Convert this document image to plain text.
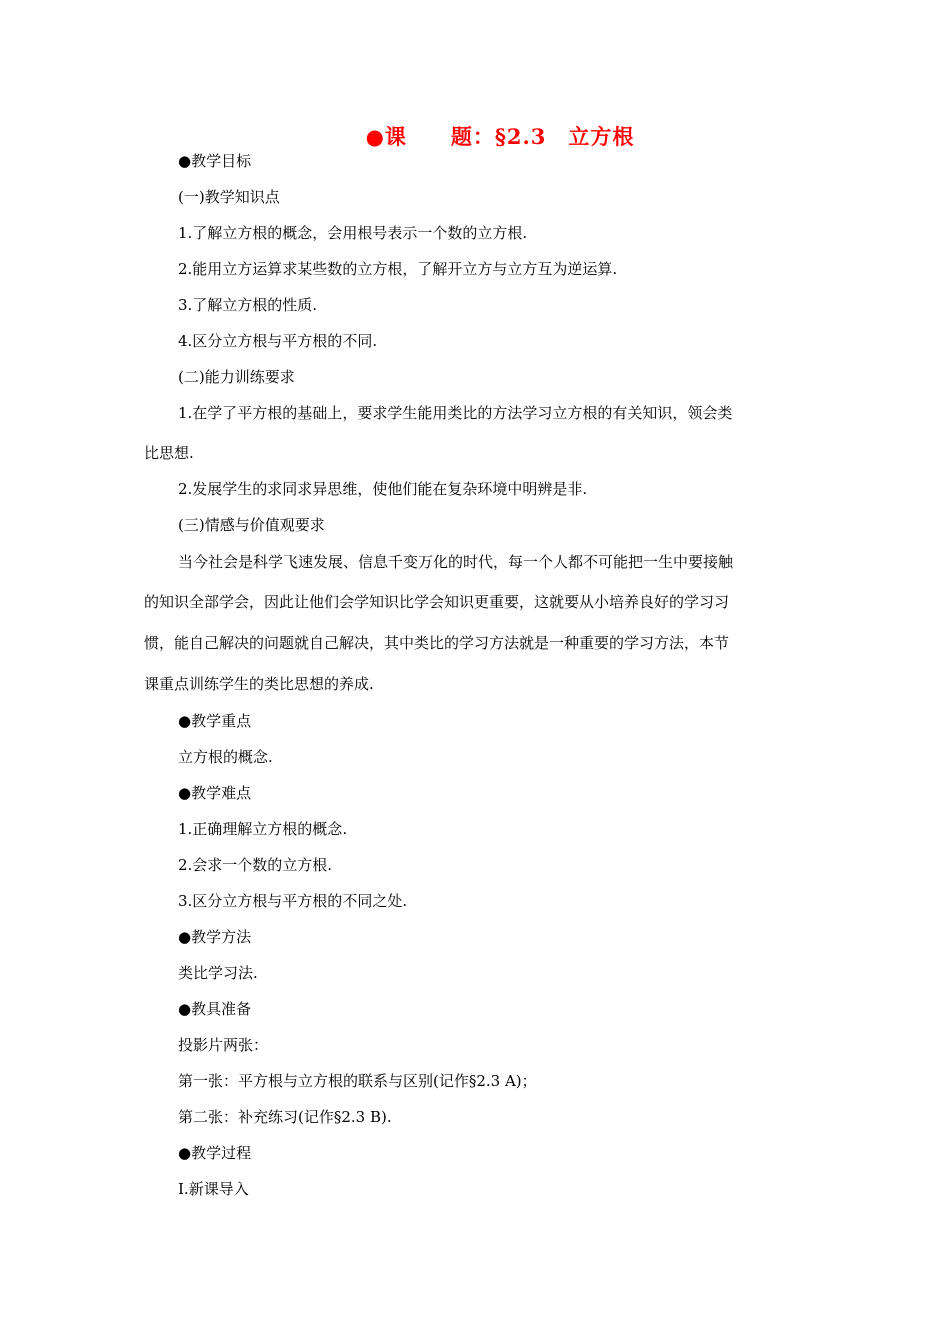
●课　　题：§2.3　立方根
●教学目标
(一)教学知识点
1.了解立方根的概念，会用根号表示一个数的立方根.
2.能用立方运算求某些数的立方根，了解开立方与立方互为逆运算.
3.了解立方根的性质.
4.区分立方根与平方根的不同.
(二)能力训练要求
1.在学了平方根的基础上，要求学生能用类比的方法学习立方根的有关知识，领会类
比思想.
2.发展学生的求同求异思维，使他们能在复杂环境中明辨是非.
(三)情感与价值观要求
当今社会是科学飞速发展、信息千变万化的时代，每一个人都不可能把一生中要接触
的知识全部学会，因此让他们会学知识比学会知识更重要，这就要从小培养良好的学习习
惯，能自己解决的问题就自己解决，其中类比的学习方法就是一种重要的学习方法，本节
课重点训练学生的类比思想的养成.
●教学重点
立方根的概念.
●教学难点
1.正确理解立方根的概念.
2.会求一个数的立方根.
3.区分立方根与平方根的不同之处.
●教学方法
类比学习法.
●教具准备
投影片两张：
第一张：平方根与立方根的联系与区别(记作§2.3 A)；
第二张：补充练习(记作§2.3 B).
●教学过程
Ⅰ.新课导入
